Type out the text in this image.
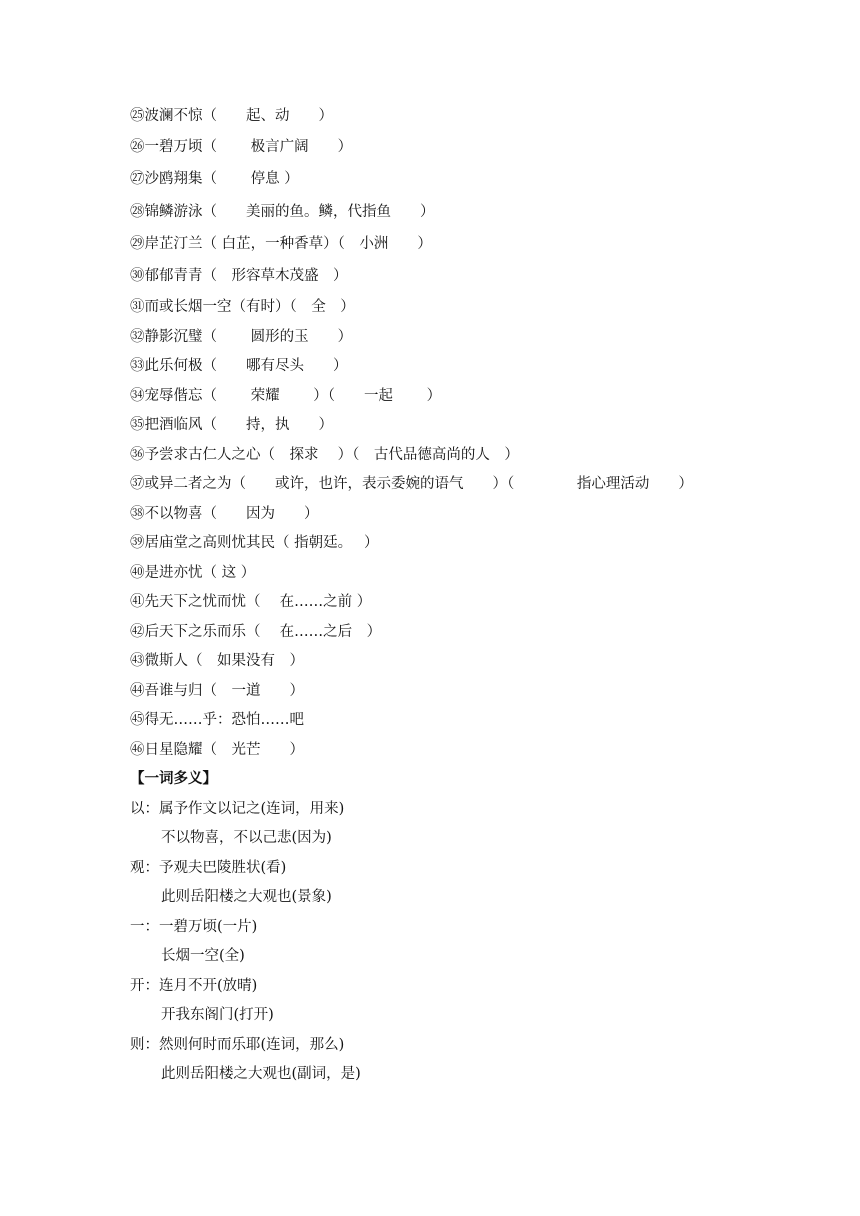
㉕波澜不惊（　　起、动　　）
㉖一碧万顷（　　 极言广阔　　）
㉗沙鸥翔集（　　 停息 ）
㉘锦鳞游泳（　　美丽的鱼。鳞，代指鱼　　）
㉙岸芷汀兰（ 白芷，一种香草）（　小洲　　）
㉚郁郁青青（　形容草木茂盛　）
㉛而或长烟一空（有时）（　全　）
㉜静影沉璧（　　 圆形的玉　　）
㉝此乐何极（　　哪有尽头　　）
㉞宠辱偕忘（　　 荣耀　　 ）（　　一起　　 ）
㉟把酒临风（　　持，执　　）
㊱予尝求古仁人之心（　探求　 ）（　古代品德高尚的人　）
㊲或异二者之为（　　或许，也许，表示委婉的语气　　）（　　　　 指心理活动　　）
㊳不以物喜（　　因为　　）
㊴居庙堂之高则忧其民（ 指朝廷。　 ）
㊵是进亦忧（ 这 ）
㊶先天下之忧而忧（　 在……之前 ）
㊷后天下之乐而乐（　 在……之后　）
㊸微斯人（　如果没有　）
㊹吾谁与归（　一道　　）
㊺得无……乎：恐怕……吧
㊻日星隐耀（　光芒　　）
【一词多义】
以：属予作文以记之(连词，用来)
不以物喜，不以己悲(因为)
观：予观夫巴陵胜状(看)
此则岳阳楼之大观也(景象)
一：一碧万顷(一片)
长烟一空(全)
开：连月不开(放晴)
开我东阁门(打开)
则：然则何时而乐耶(连词，那么)
此则岳阳楼之大观也(副词，是)
